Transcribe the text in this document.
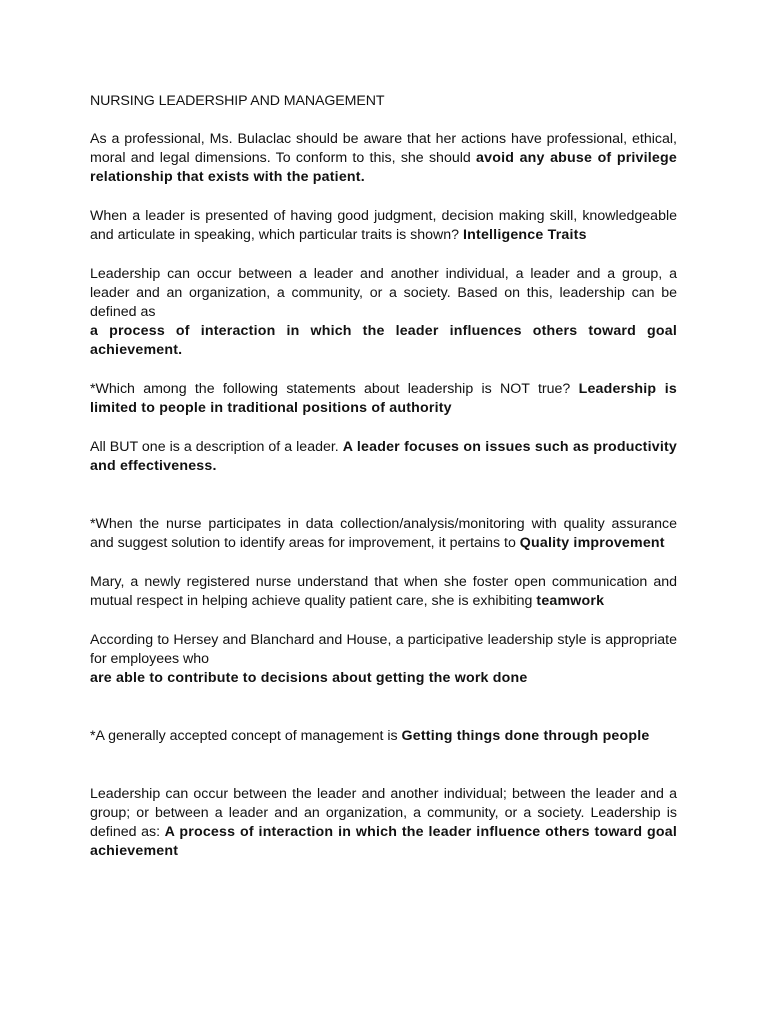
NURSING LEADERSHIP AND MANAGEMENT

As a professional, Ms. Bulaclac should be aware that her actions have professional, ethical, moral and legal dimensions. To conform to this, she should avoid any abuse of privilege relationship that exists with the patient.

When a leader is presented of having good judgment, decision making skill, knowledgeable and articulate in speaking, which particular traits is shown? Intelligence Traits

Leadership can occur between a leader and another individual, a leader and a group, a leader and an organization, a community, or a society. Based on this, leadership can be defined as
a process of interaction in which the leader influences others toward goal achievement.

*Which among the following statements about leadership is NOT true? Leadership is limited to people in traditional positions of authority

All BUT one is a description of a leader. A leader focuses on issues such as productivity and effectiveness.

*When the nurse participates in data collection/analysis/monitoring with quality assurance and suggest solution to identify areas for improvement, it pertains to Quality improvement

Mary, a newly registered nurse understand that when she foster open communication and mutual respect in helping achieve quality patient care, she is exhibiting teamwork

According to Hersey and Blanchard and House, a participative leadership style is appropriate for employees who
are able to contribute to decisions about getting the work done

*A generally accepted concept of management is Getting things done through people

Leadership can occur between the leader and another individual; between the leader and a group; or between a leader and an organization, a community, or a society. Leadership is defined as: A process of interaction in which the leader influence others toward goal achievement
